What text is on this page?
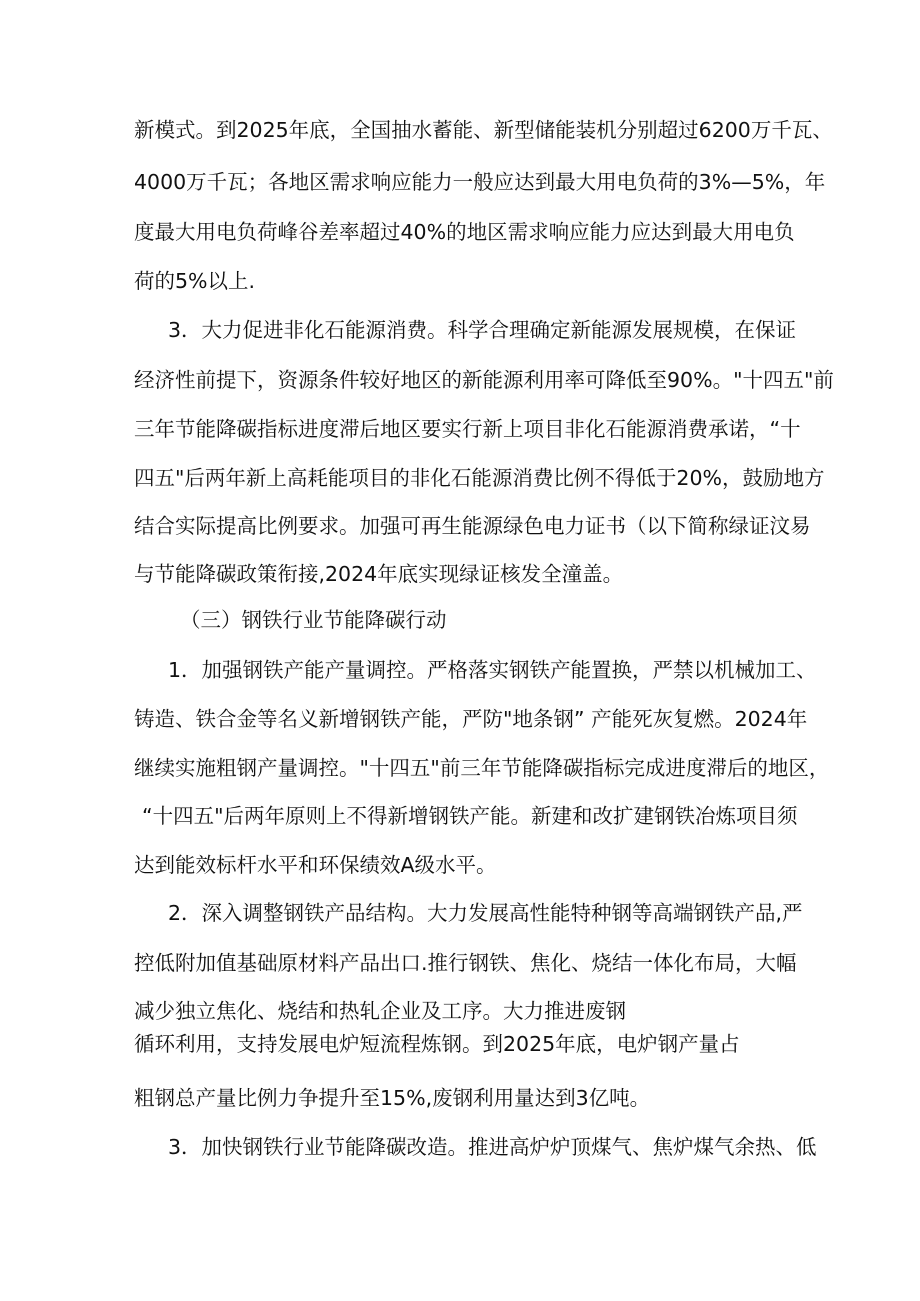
新模式。到2025年底，全国抽水蓄能、新型储能装机分别超过6200万千瓦、
4000万千瓦；各地区需求响应能力一般应达到最大用电负荷的3%—5%，年
度最大用电负荷峰谷差率超过40%的地区需求响应能力应达到最大用电负
荷的5%以上.
3．大力促进非化石能源消费。科学合理确定新能源发展规模，在保证
经济性前提下，资源条件较好地区的新能源利用率可降低至90%。"十四五"前
三年节能降碳指标进度滞后地区要实行新上项目非化石能源消费承诺，“十
四五"后两年新上高耗能项目的非化石能源消费比例不得低于20%，鼓励地方
结合实际提高比例要求。加强可再生能源绿色电力证书（以下简称绿证汶易
与节能降碳政策衔接,2024年底实现绿证核发全潼盖。
（三）钢铁行业节能降碳行动
1．加强钢铁产能产量调控。严格落实钢铁产能置换，严禁以机械加工、
铸造、铁合金等名义新增钢铁产能，严防"地条钢” 产能死灰复燃。2024年
继续实施粗钢产量调控。"十四五"前三年节能降碳指标完成进度滞后的地区，
“十四五"后两年原则上不得新增钢铁产能。新建和改扩建钢铁冶炼项目须
达到能效标杆水平和环保绩效A级水平。
2．深入调整钢铁产品结构。大力发展高性能特种钢等高端钢铁产品,严
控低附加值基础原材料产品出口.推行钢铁、焦化、烧结一体化布局，大幅
减少独立焦化、烧结和热轧企业及工序。大力推进废钢
循环利用，支持发展电炉短流程炼钢。到2025年底，电炉钢产量占
粗钢总产量比例力争提升至15%,废钢利用量达到3亿吨。
3．加快钢铁行业节能降碳改造。推进高炉炉顶煤气、焦炉煤气余热、低
